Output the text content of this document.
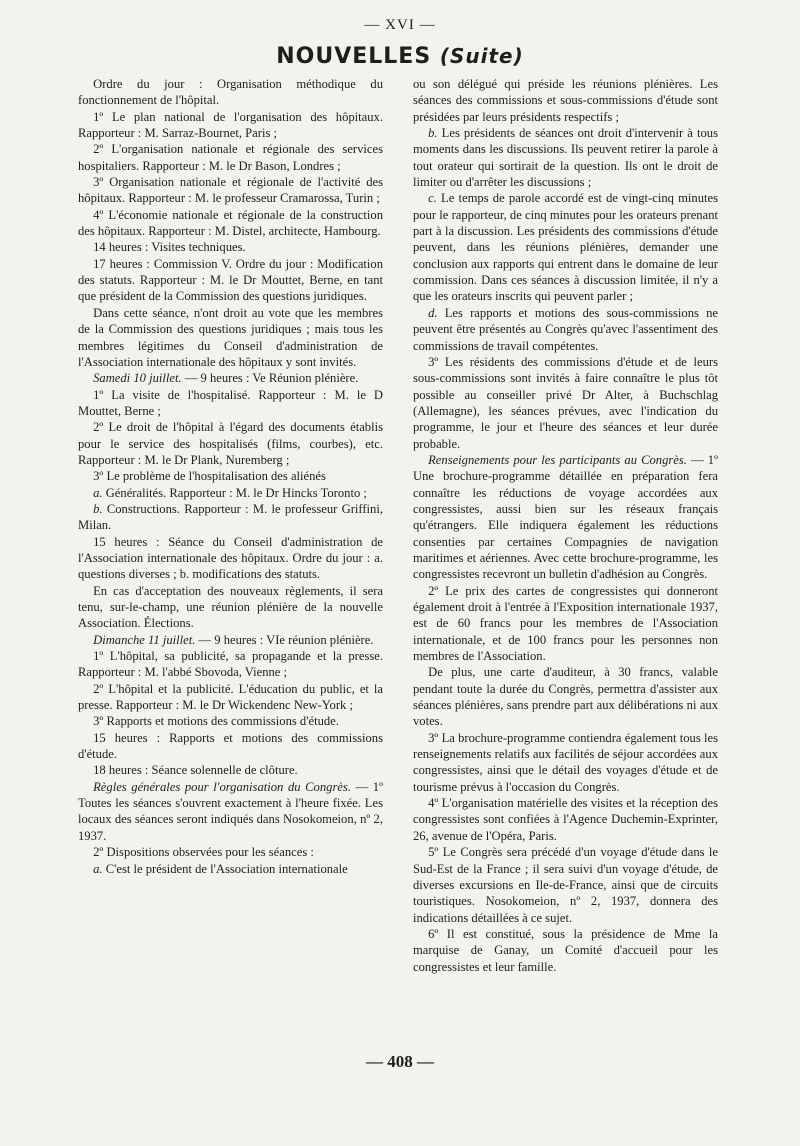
— XVI —
NOUVELLES (Suite)

Ordre du jour : Organisation méthodique du fonctionnement de l'hôpital.

1º Le plan national de l'organisation des hôpitaux. Rapporteur : M. Sarraz-Bournet, Paris ;

2º L'organisation nationale et régionale des services hospitaliers. Rapporteur : M. le Dr Bason, Londres ;

3º Organisation nationale et régionale de l'activité des hôpitaux. Rapporteur : M. le professeur Cramarossa, Turin ;

4º L'économie nationale et régionale de la construction des hôpitaux. Rapporteur : M. Distel, architecte, Hambourg.

14 heures : Visites techniques.

17 heures : Commission V. Ordre du jour : Modification des statuts. Rapporteur : M. le Dr Mouttet, Berne, en tant que président de la Commission des questions juridiques.

Dans cette séance, n'ont droit au vote que les membres de la Commission des questions juridiques ; mais tous les membres légitimes du Conseil d'administration de l'Association internationale des hôpitaux y sont invités.

Samedi 10 juillet. — 9 heures : Ve Réunion plénière.

1º La visite de l'hospitalisé. Rapporteur : M. le D Mouttet, Berne ;

2º Le droit de l'hôpital à l'égard des documents établis pour le service des hospitalisés (films, courbes), etc. Rapporteur : M. le Dr Plank, Nuremberg ;

3º Le problème de l'hospitalisation des aliénés

a. Généralités. Rapporteur : M. le Dr Hincks Toronto ;

b. Constructions. Rapporteur : M. le professeur Griffini, Milan.

15 heures : Séance du Conseil d'administration de l'Association internationale des hôpitaux. Ordre du jour : a. questions diverses ; b. modifications des statuts.

En cas d'acceptation des nouveaux règlements, il sera tenu, sur-le-champ, une réunion plénière de la nouvelle Association. Élections.

Dimanche 11 juillet. — 9 heures : VIe réunion plénière.

1º L'hôpital, sa publicité, sa propagande et la presse. Rapporteur : M. l'abbé Sbovoda, Vienne ;

2º L'hôpital et la publicité. L'éducation du public, et la presse. Rapporteur : M. le Dr Wickendenc New-York ;

3º Rapports et motions des commissions d'étude.

15 heures : Rapports et motions des commissions d'étude.

18 heures : Séance solennelle de clôture.

Règles générales pour l'organisation du Congrès. — 1º Toutes les séances s'ouvrent exactement à l'heure fixée. Les locaux des séances seront indiqués dans Nosokomeion, nº 2, 1937.

2º Dispositions observées pour les séances :

a. C'est le président de l'Association internationale

ou son délégué qui préside les réunions plénières. Les séances des commissions et sous-commissions d'étude sont présidées par leurs présidents respectifs ;

b. Les présidents de séances ont droit d'intervenir à tous moments dans les discussions. Ils peuvent retirer la parole à tout orateur qui sortirait de la question. Ils ont le droit de limiter ou d'arrêter les discussions ;

c. Le temps de parole accordé est de vingt-cinq minutes pour le rapporteur, de cinq minutes pour les orateurs prenant part à la discussion. Les présidents des commissions d'étude peuvent, dans les réunions plénières, demander une conclusion aux rapports qui entrent dans le domaine de leur commission. Dans ces séances à discussion limitée, il n'y a que les orateurs inscrits qui peuvent parler ;

d. Les rapports et motions des sous-commissions ne peuvent être présentés au Congrès qu'avec l'assentiment des commissions de travail compétentes.

3º Les résidents des commissions d'étude et de leurs sous-commissions sont invités à faire connaître le plus tôt possible au conseiller privé Dr Alter, à Buchschlag (Allemagne), les séances prévues, avec l'indication du programme, le jour et l'heure des séances et leur durée probable.

Renseignements pour les participants au Congrès. — 1º Une brochure-programme détaillée en préparation fera connaître les réductions de voyage accordées aux congressistes, aussi bien sur les réseaux français qu'étrangers. Elle indiquera également les réductions consenties par certaines Compagnies de navigation maritimes et aériennes. Avec cette brochure-programme, les congressistes recevront un bulletin d'adhésion au Congrès.

2º Le prix des cartes de congressistes qui donneront également droit à l'entrée à l'Exposition internationale 1937, est de 60 francs pour les membres de l'Association internationale, et de 100 francs pour les personnes non membres de l'Association.

De plus, une carte d'auditeur, à 30 francs, valable pendant toute la durée du Congrès, permettra d'assister aux séances plénières, sans prendre part aux délibérations ni aux votes.

3º La brochure-programme contiendra également tous les renseignements relatifs aux facilités de séjour accordées aux congressistes, ainsi que le détail des voyages d'étude et de tourisme prévus à l'occasion du Congrès.

4º L'organisation matérielle des visites et la réception des congressistes sont confiées à l'Agence Duchemin-Exprinter, 26, avenue de l'Opéra, Paris.

5º Le Congrès sera précédé d'un voyage d'étude dans le Sud-Est de la France ; il sera suivi d'un voyage d'étude, de diverses excursions en Ile-de-France, ainsi que de circuits touristiques. Nosokomeion, nº 2, 1937, donnera des indications détaillées à ce sujet.

6º Il est constitué, sous la présidence de Mme la marquise de Ganay, un Comité d'accueil pour les congressistes et leur famille.

— 408 —
